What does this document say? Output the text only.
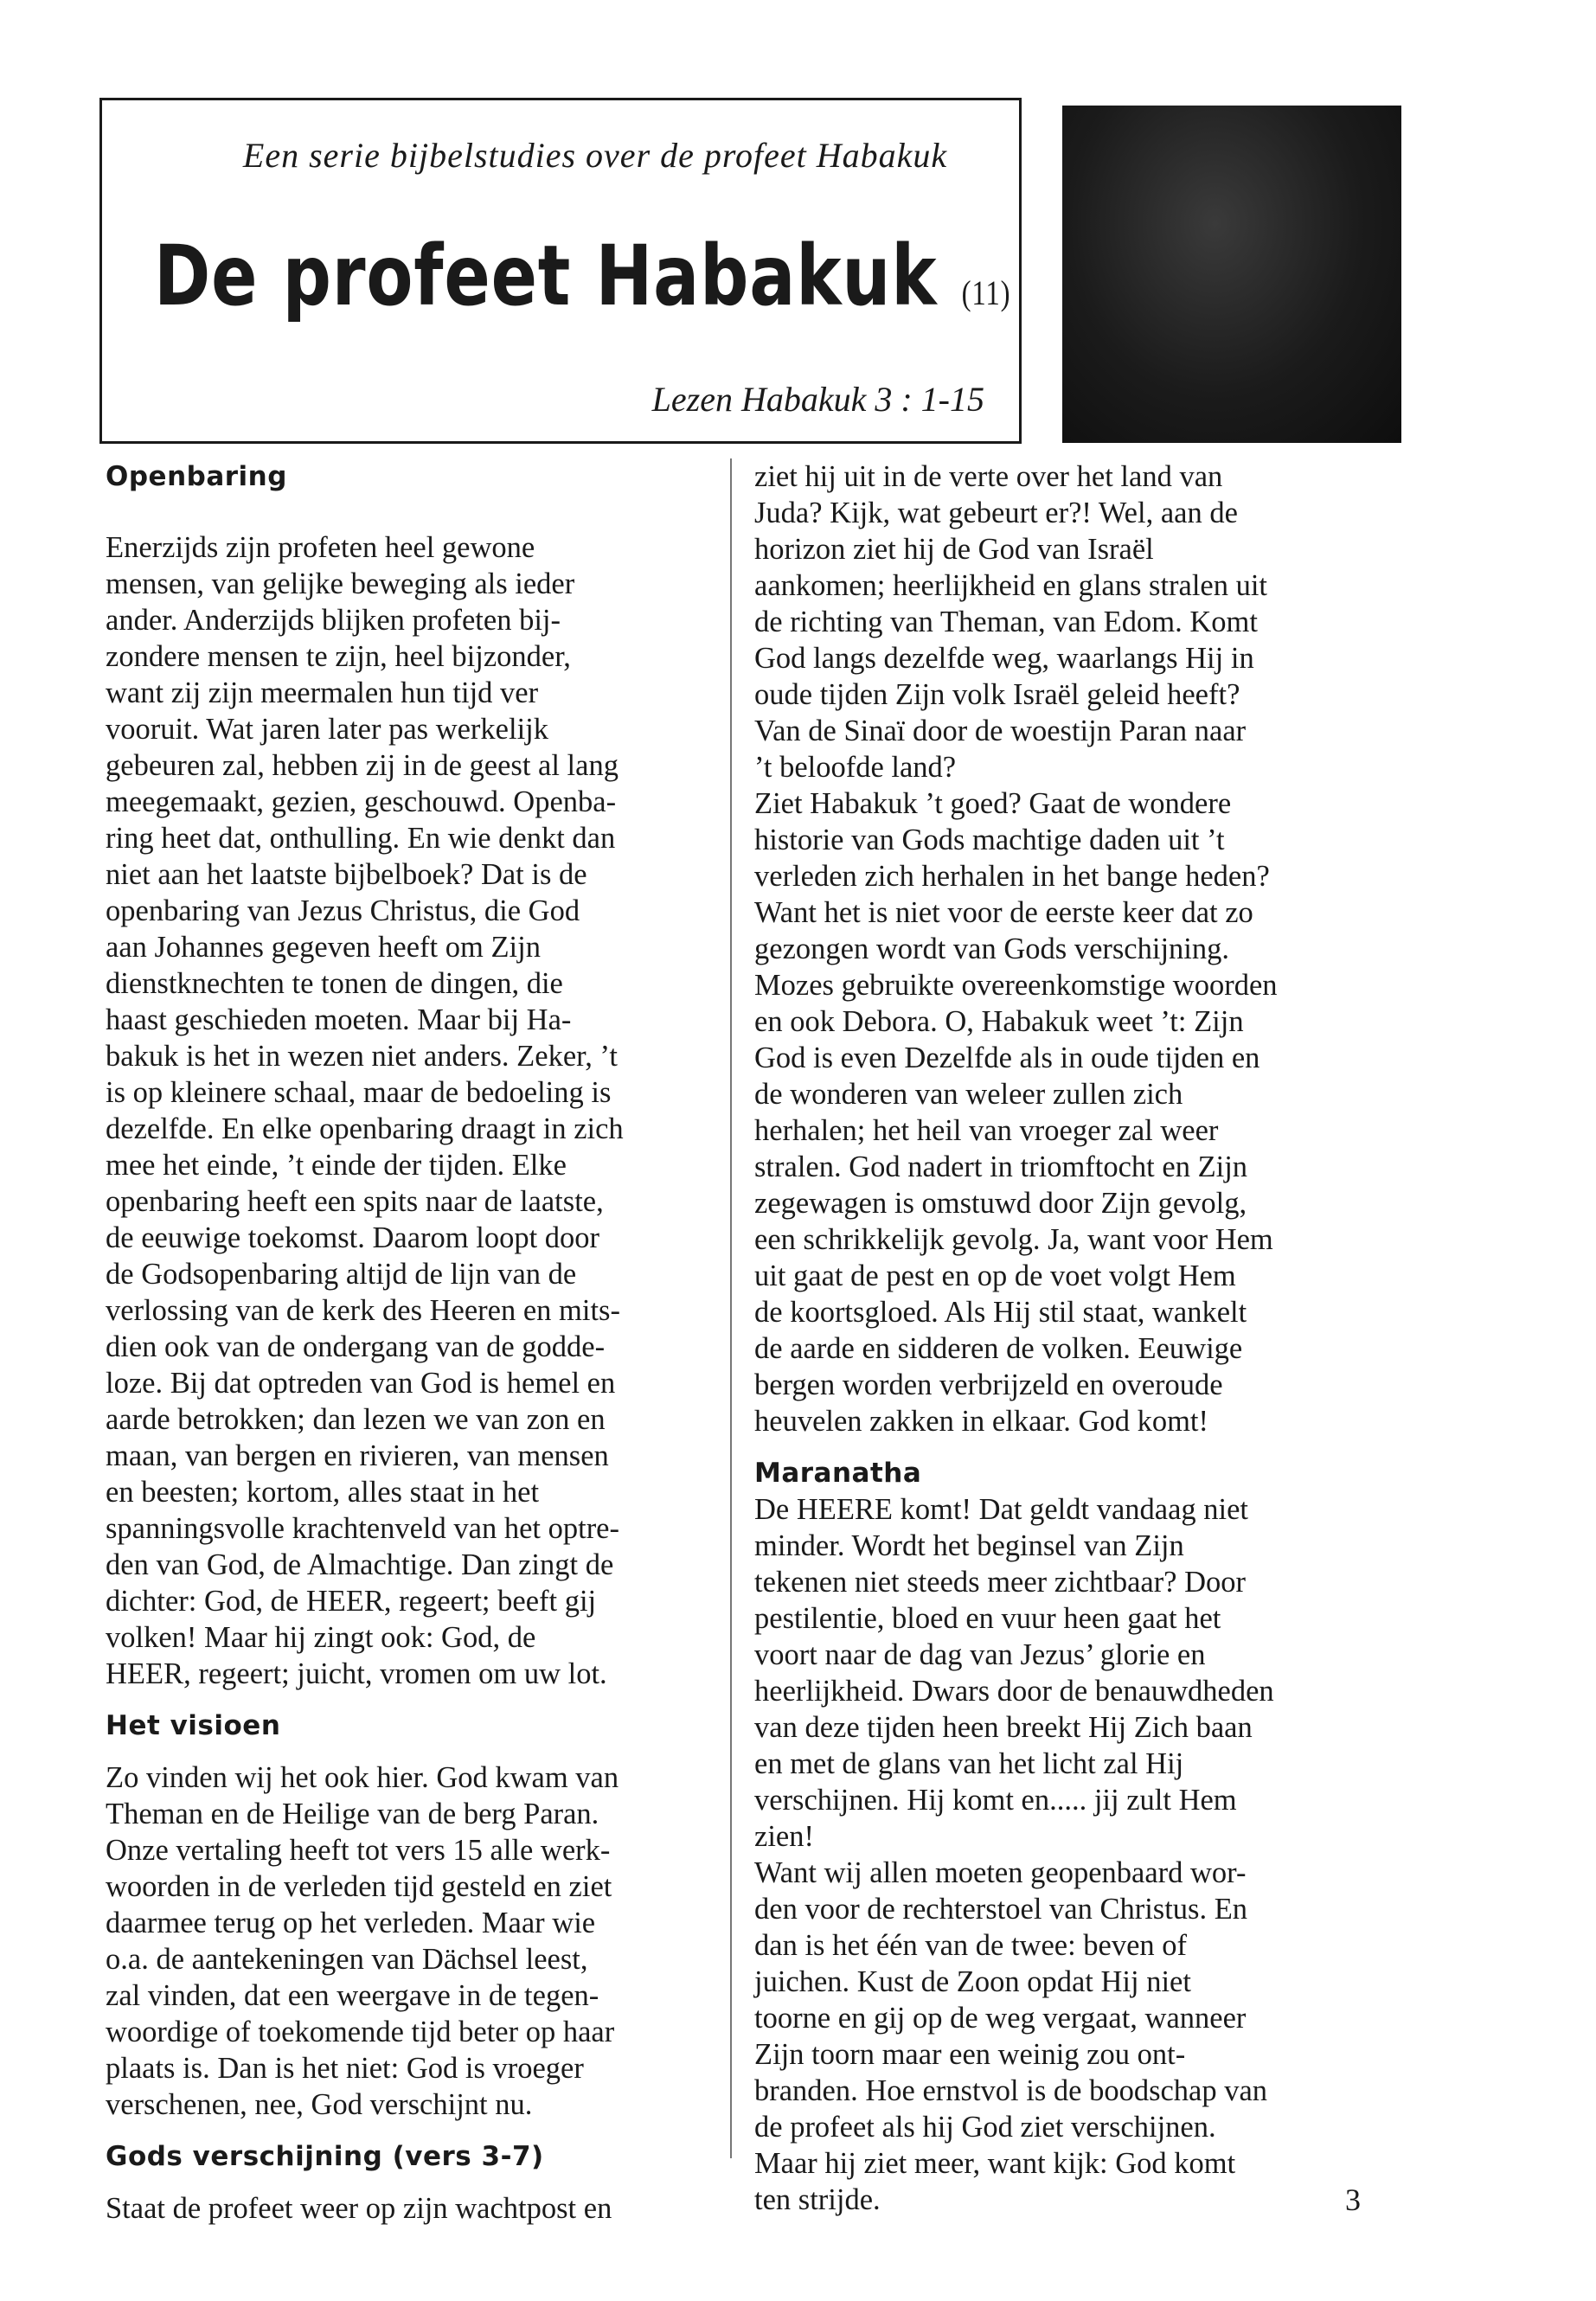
Een serie bijbelstudies over de profeet Habakuk
De profeet Habakuk (11)
Lezen Habakuk 3 : 1-15
Openbaring

Enerzijds zijn profeten heel gewone

mensen, van gelijke beweging als ieder

ander. Anderzijds blijken profeten bij-

zondere mensen te zijn, heel bijzonder,

want zij zijn meermalen hun tijd ver

vooruit. Wat jaren later pas werkelijk

gebeuren zal, hebben zij in de geest al lang

meegemaakt, gezien, geschouwd. Openba-

ring heet dat, onthulling. En wie denkt dan

niet aan het laatste bijbelboek? Dat is de

openbaring van Jezus Christus, die God

aan Johannes gegeven heeft om Zijn

dienstknechten te tonen de dingen, die

haast geschieden moeten. Maar bij Ha-

bakuk is het in wezen niet anders. Zeker, ’t

is op kleinere schaal, maar de bedoeling is

dezelfde. En elke openbaring draagt in zich

mee het einde, ’t einde der tijden. Elke

openbaring heeft een spits naar de laatste,

de eeuwige toekomst. Daarom loopt door

de Godsopenbaring altijd de lijn van de

verlossing van de kerk des Heeren en mits-

dien ook van de ondergang van de godde-

loze. Bij dat optreden van God is hemel en

aarde betrokken; dan lezen we van zon en

maan, van bergen en rivieren, van mensen

en beesten; kortom, alles staat in het

spanningsvolle krachtenveld van het optre-

den van God, de Almachtige. Dan zingt de

dichter: God, de HEER, regeert; beeft gij

volken! Maar hij zingt ook: God, de

HEER, regeert; juicht, vromen om uw lot.

Het visioen

Zo vinden wij het ook hier. God kwam van

Theman en de Heilige van de berg Paran.

Onze vertaling heeft tot vers 15 alle werk-

woorden in de verleden tijd gesteld en ziet

daarmee terug op het verleden. Maar wie

o.a. de aantekeningen van Dächsel leest,

zal vinden, dat een weergave in de tegen-

woordige of toekomende tijd beter op haar

plaats is. Dan is het niet: God is vroeger

verschenen, nee, God verschijnt nu.

Gods verschijning (vers 3-7)

Staat de profeet weer op zijn wachtpost en

ziet hij uit in de verte over het land van

Juda? Kijk, wat gebeurt er?! Wel, aan de

horizon ziet hij de God van Israël

aankomen; heerlijkheid en glans stralen uit

de richting van Theman, van Edom. Komt

God langs dezelfde weg, waarlangs Hij in

oude tijden Zijn volk Israël geleid heeft?

Van de Sinaï door de woestijn Paran naar

’t beloofde land?

Ziet Habakuk ’t goed? Gaat de wondere

historie van Gods machtige daden uit ’t

verleden zich herhalen in het bange heden?

Want het is niet voor de eerste keer dat zo

gezongen wordt van Gods verschijning.

Mozes gebruikte overeenkomstige woorden

en ook Debora. O, Habakuk weet ’t: Zijn

God is even Dezelfde als in oude tijden en

de wonderen van weleer zullen zich

herhalen; het heil van vroeger zal weer

stralen. God nadert in triomftocht en Zijn

zegewagen is omstuwd door Zijn gevolg,

een schrikkelijk gevolg. Ja, want voor Hem

uit gaat de pest en op de voet volgt Hem

de koortsgloed. Als Hij stil staat, wankelt

de aarde en sidderen de volken. Eeuwige

bergen worden verbrijzeld en overoude

heuvelen zakken in elkaar. God komt!

Maranatha

De HEERE komt! Dat geldt vandaag niet

minder. Wordt het beginsel van Zijn

tekenen niet steeds meer zichtbaar? Door

pestilentie, bloed en vuur heen gaat het

voort naar de dag van Jezus’ glorie en

heerlijkheid. Dwars door de benauwdheden

van deze tijden heen breekt Hij Zich baan

en met de glans van het licht zal Hij

verschijnen. Hij komt en..... jij zult Hem

zien!

Want wij allen moeten geopenbaard wor-

den voor de rechterstoel van Christus. En

dan is het één van de twee: beven of

juichen. Kust de Zoon opdat Hij niet

toorne en gij op de weg vergaat, wanneer

Zijn toorn maar een weinig zou ont-

branden. Hoe ernstvol is de boodschap van

de profeet als hij God ziet verschijnen.

Maar hij ziet meer, want kijk: God komt

ten strijde.	3
